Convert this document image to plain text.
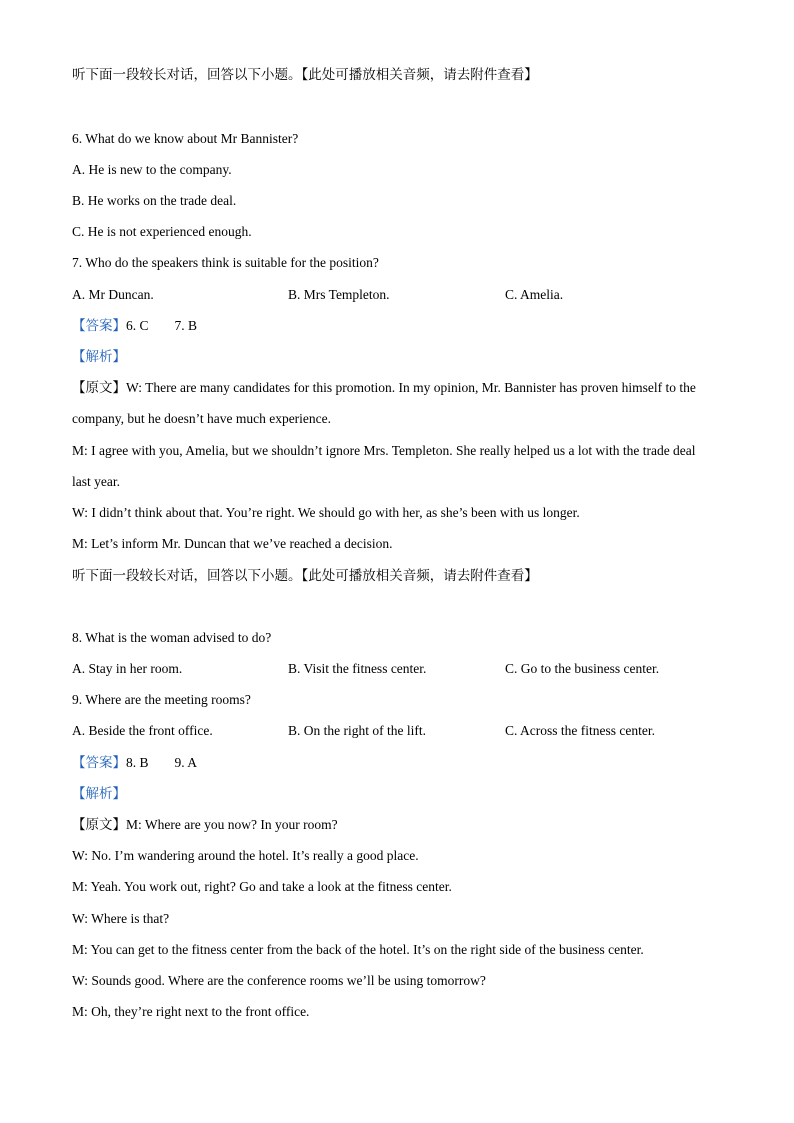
听下面一段较长对话，回答以下小题。【此处可播放相关音频，请去附件查看】
6. What do we know about Mr Bannister?
A. He is new to the company.
B. He works on the trade deal.
C. He is not experienced enough.
7. Who do the speakers think is suitable for the position?
A. Mr Duncan.	B. Mrs Templeton.	C. Amelia.
【答案】6. C 7. B
【解析】
【原文】W: There are many candidates for this promotion. In my opinion, Mr. Bannister has proven himself to the
company, but he doesn’t have much experience.
M: I agree with you, Amelia, but we shouldn’t ignore Mrs. Templeton. She really helped us a lot with the trade deal
last year.
W: I didn’t think about that. You’re right. We should go with her, as she’s been with us longer.
M: Let’s inform Mr. Duncan that we’ve reached a decision.
听下面一段较长对话，回答以下小题。【此处可播放相关音频，请去附件查看】
8. What is the woman advised to do?
A. Stay in her room.	B. Visit the fitness center.	C. Go to the business center.
9. Where are the meeting rooms?
A. Beside the front office.	B. On the right of the lift.	C. Across the fitness center.
【答案】8. B 9. A
【解析】
【原文】M: Where are you now? In your room?
W: No. I’m wandering around the hotel. It’s really a good place.
M: Yeah. You work out, right? Go and take a look at the fitness center.
W: Where is that?
M: You can get to the fitness center from the back of the hotel. It’s on the right side of the business center.
W: Sounds good. Where are the conference rooms we’ll be using tomorrow?
M: Oh, they’re right next to the front office.
